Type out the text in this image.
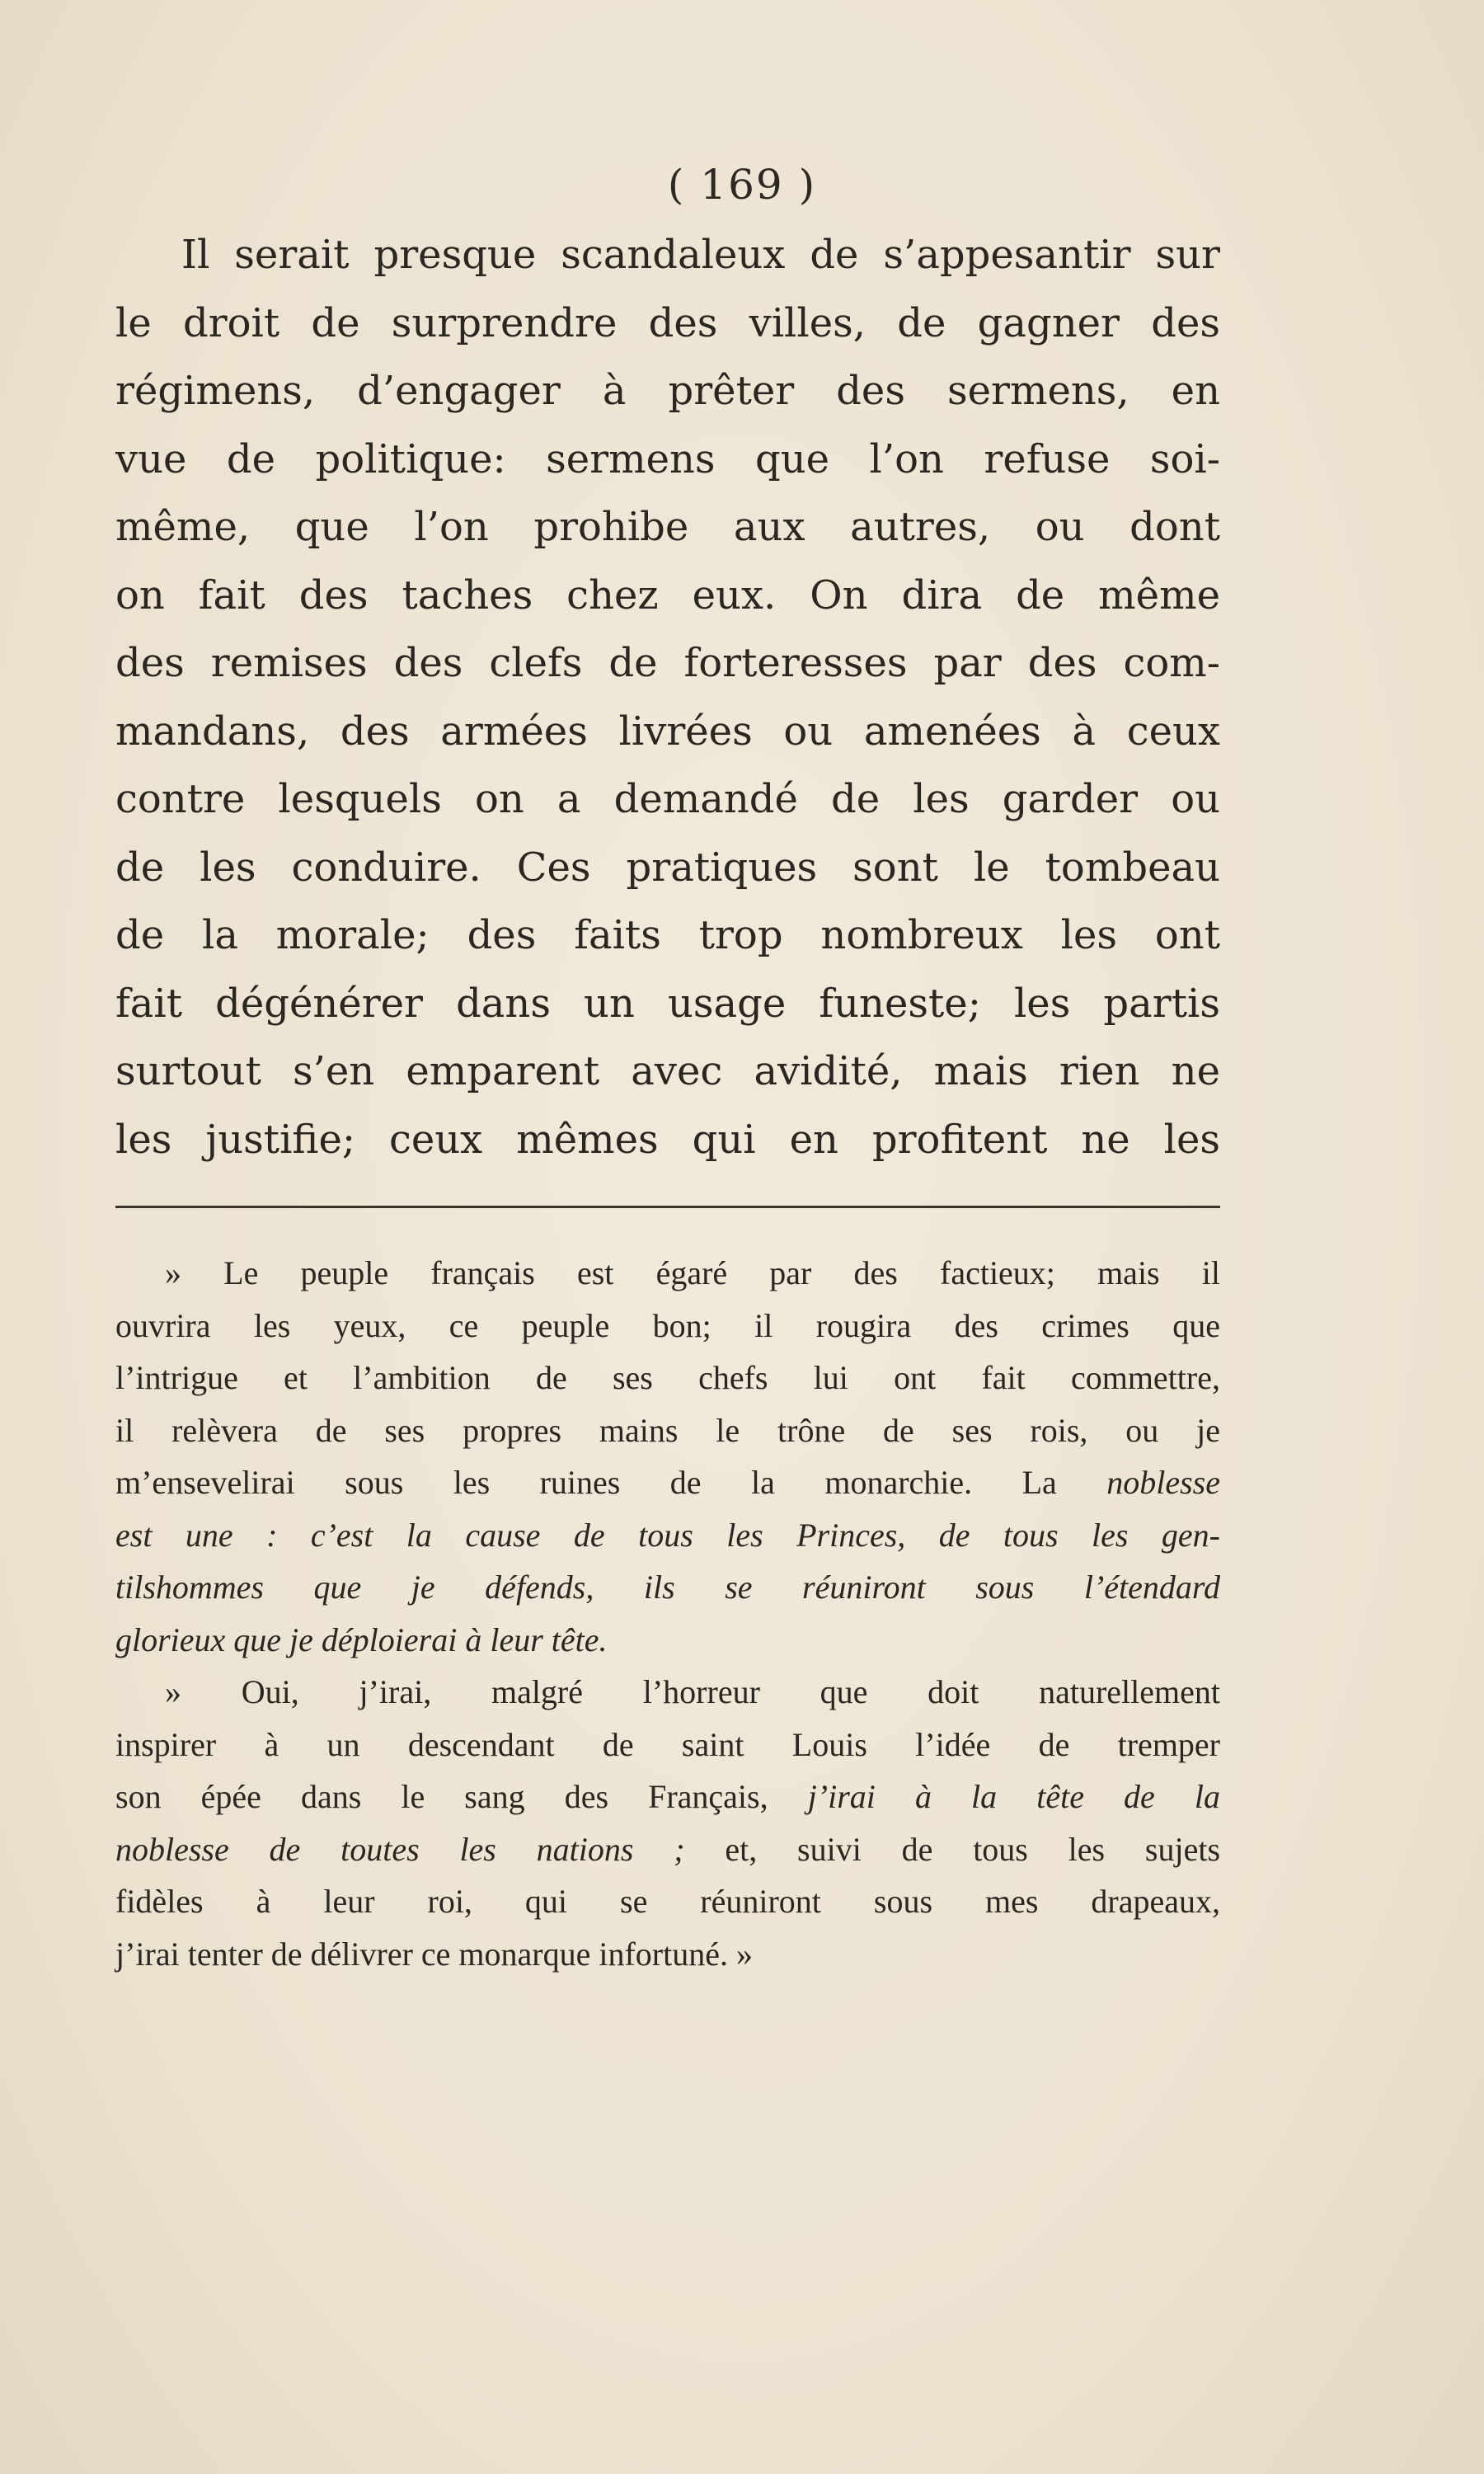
( 169 )
Il serait presque scandaleux de s’appesantir sur
le droit de surprendre des villes, de gagner des
régimens, d’engager à prêter des sermens, en
vue de politique: sermens que l’on refuse soi-
même, que l’on prohibe aux autres, ou dont
on fait des taches chez eux. On dira de même
des remises des clefs de forteresses par des com-
mandans, des armées livrées ou amenées à ceux
contre lesquels on a demandé de les garder ou
de les conduire. Ces pratiques sont le tombeau
de la morale; des faits trop nombreux les ont
fait dégénérer dans un usage funeste; les partis
surtout s’en emparent avec avidité, mais rien ne
les justifie; ceux mêmes qui en profitent ne les
» Le peuple français est égaré par des factieux; mais il
ouvrira les yeux, ce peuple bon; il rougira des crimes que
l’intrigue et l’ambition de ses chefs lui ont fait commettre,
il relèvera de ses propres mains le trône de ses rois, ou je
m’ensevelirai sous les ruines de la monarchie. La noblesse
est une : c’est la cause de tous les Princes, de tous les gen-
tilshommes que je défends, ils se réuniront sous l’étendard
glorieux que je déploierai à leur tête.
» Oui, j’irai, malgré l’horreur que doit naturellement
inspirer à un descendant de saint Louis l’idée de tremper
son épée dans le sang des Français, j’irai à la tête de la
noblesse de toutes les nations ; et, suivi de tous les sujets
fidèles à leur roi, qui se réuniront sous mes drapeaux,
j’irai tenter de délivrer ce monarque infortuné. »
